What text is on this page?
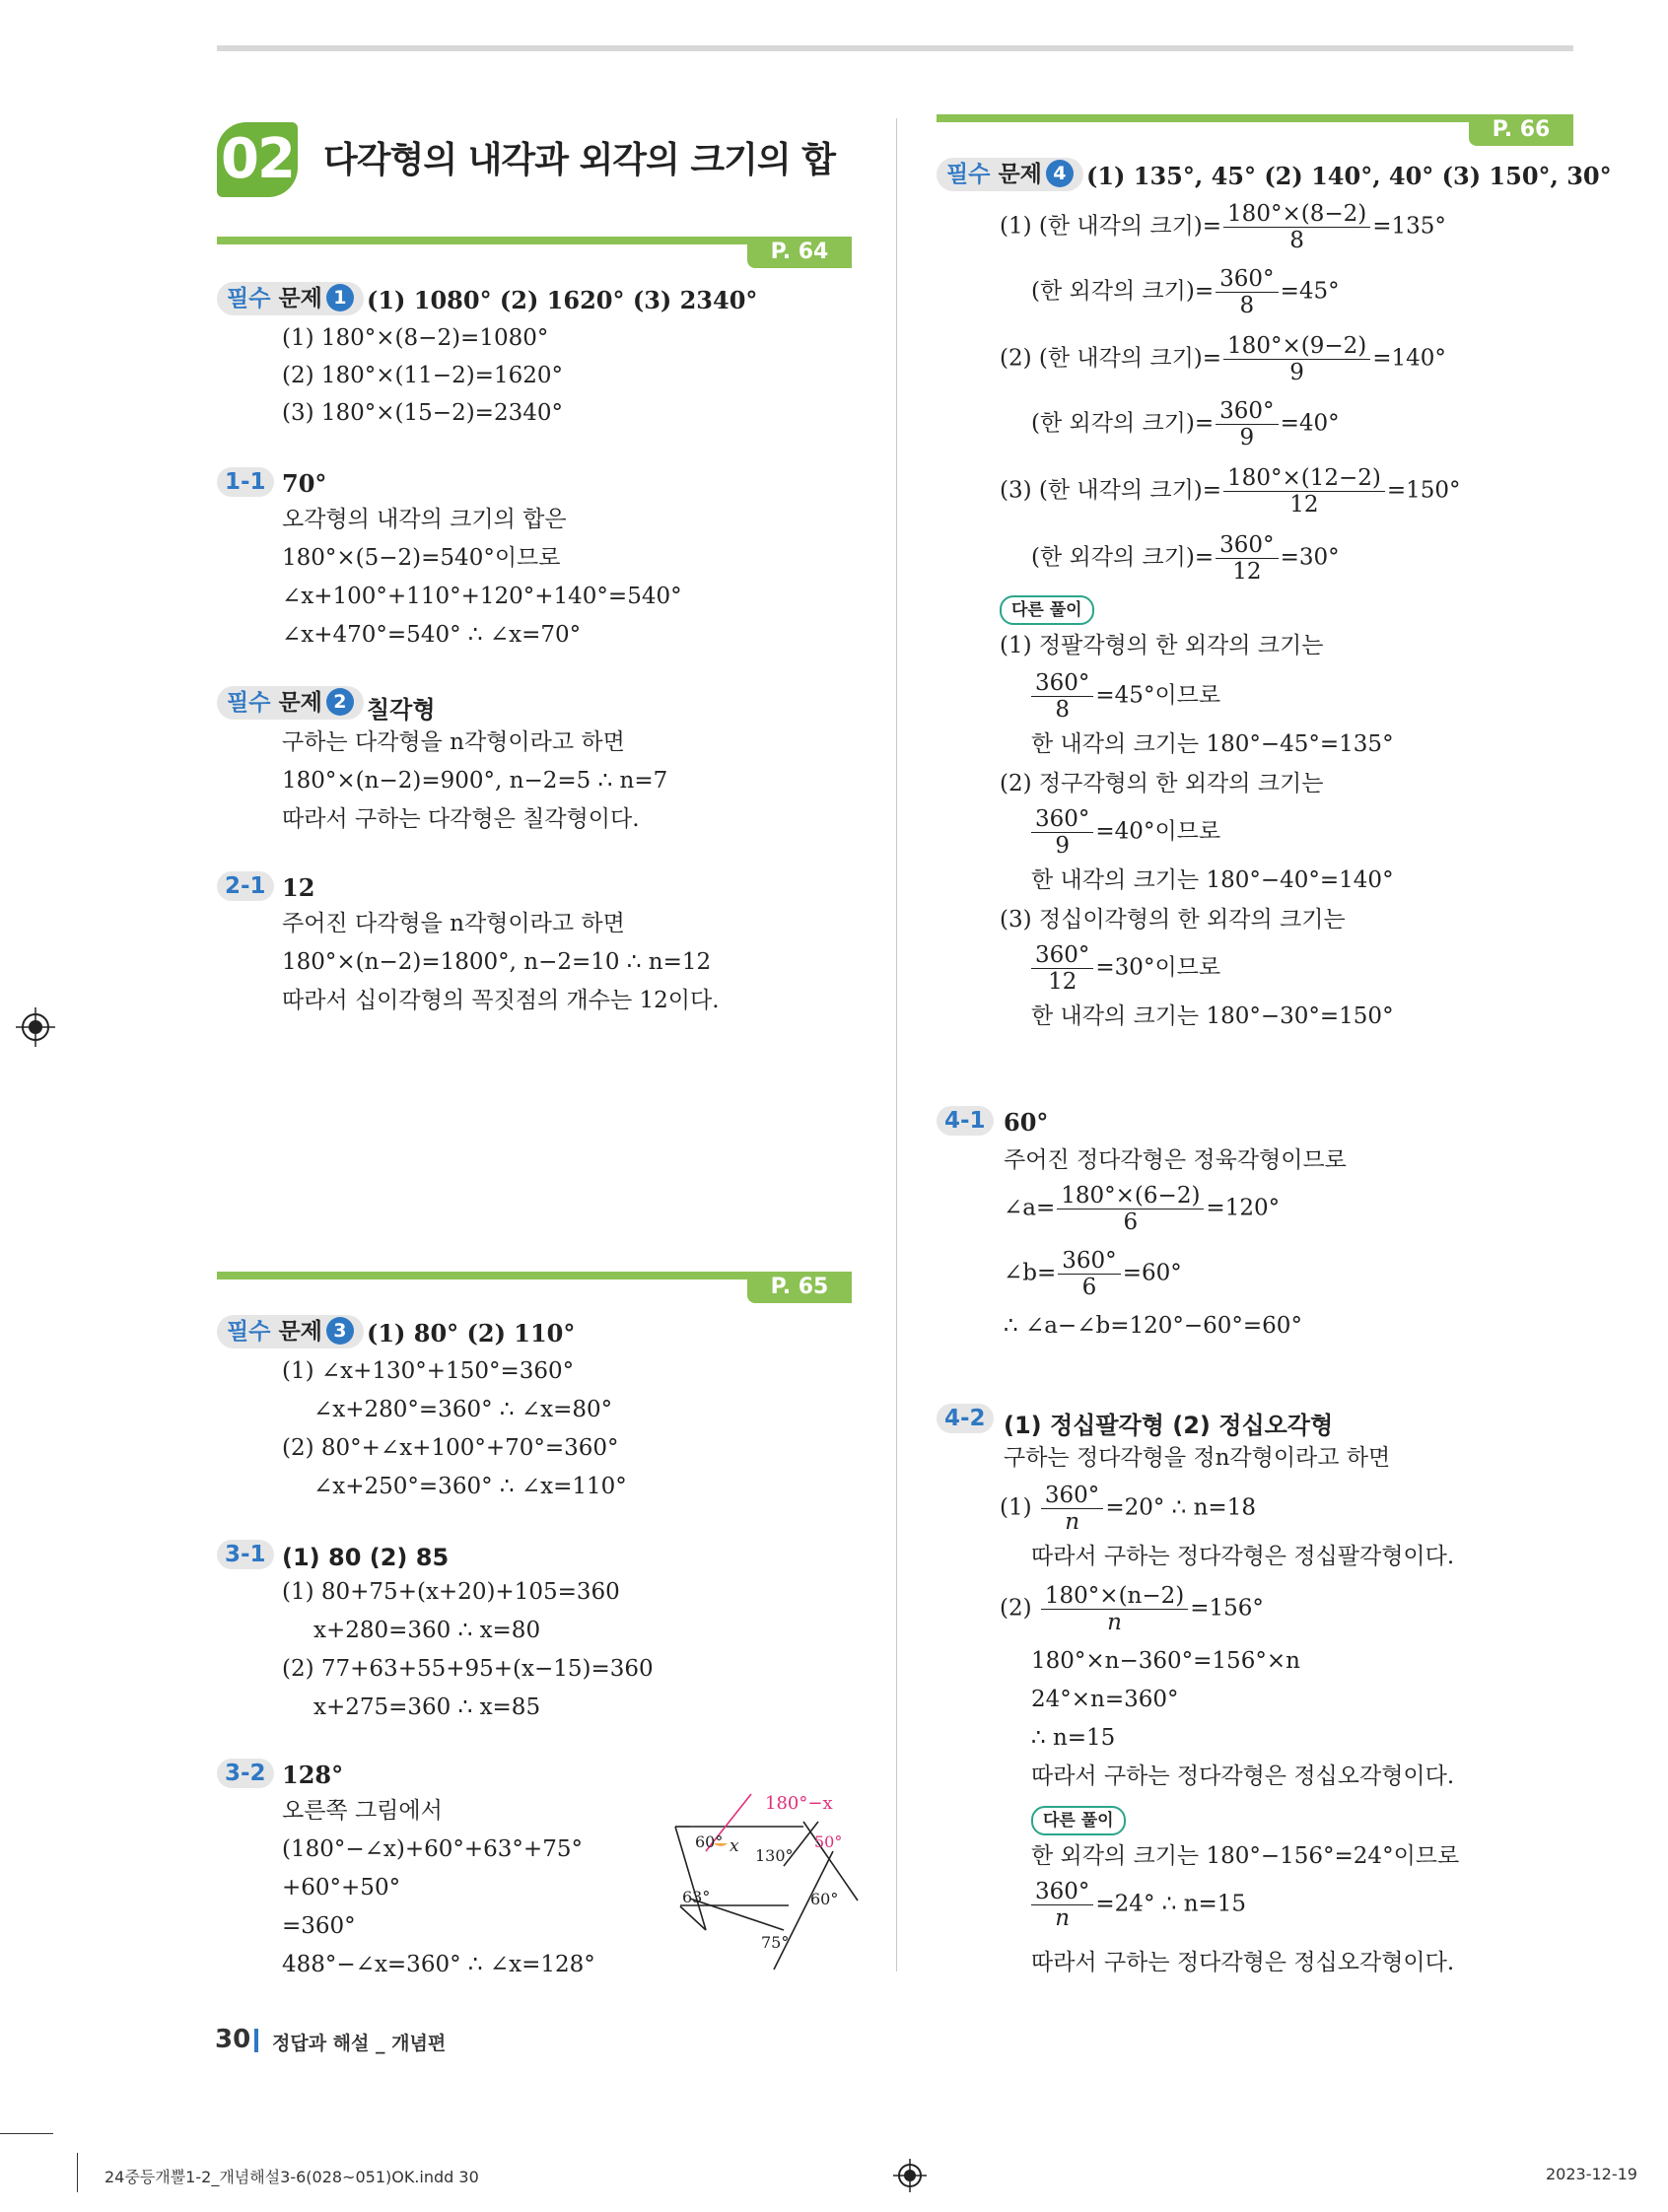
02 다각형의 내각과 외각의 크기의 합
P. 64
필수 문제 1 (1) 1080° (2) 1620° (3) 2340°
(1) 180°×(8−2)=1080°
(2) 180°×(11−2)=1620°
(3) 180°×(15−2)=2340°
1-1 70°
오각형의 내각의 크기의 합은
180°×(5−2)=540°이므로
∠x+100°+110°+120°+140°=540°
∠x+470°=540° ∴ ∠x=70°
필수 문제 2 칠각형
구하는 다각형을 n각형이라고 하면
180°×(n−2)=900°, n−2=5 ∴ n=7
따라서 구하는 다각형은 칠각형이다.
2-1 12
주어진 다각형을 n각형이라고 하면
180°×(n−2)=1800°, n−2=10 ∴ n=12
따라서 십이각형의 꼭짓점의 개수는 12이다.
P. 65
필수 문제 3 (1) 80° (2) 110°
(1) ∠x+130°+150°=360°
∠x+280°=360° ∴ ∠x=80°
(2) 80°+∠x+100°+70°=360°
∠x+250°=360° ∴ ∠x=110°
3-1 (1) 80 (2) 85
(1) 80+75+(x+20)+105=360
x+280=360 ∴ x=80
(2) 77+63+55+95+(x−15)=360
x+275=360 ∴ x=85
3-2 128°
오른쪽 그림에서
(180°−∠x)+60°+63°+75°
+60°+50°
=360°
488°−∠x=360° ∴ ∠x=128°
180°−x
60° x 130°
50°
63°	60°
75°
30 정답과 해설 _ 개념편
P. 66
필수 문제 4 (1) 135°, 45° (2) 140°, 40° (3) 150°, 30°
(1) (한 내각의 크기)= $\frac{180^\circ\times(8-2)}{8} =135^\circ$
(한 외각의 크기)= $\frac{360^\circ}{8} =45^\circ$
(2) (한 내각의 크기)= $\frac{180^\circ\times(9-2)}{9} =140^\circ$
(한 외각의 크기)= $\frac{360^\circ}{9} =40^\circ$
(3) (한 내각의 크기)= $\frac{180^\circ\times(12-2)}{12} =150^\circ$
(한 외각의 크기)= $\frac{360^\circ}{12} =30^\circ$
다른 풀이
(1) 정팔각형의 한 외각의 크기는
$\frac{360^\circ}{8} =45^\circ$이므로
한 내각의 크기는 180°−45°=135°
(2) 정구각형의 한 외각의 크기는
$\frac{360^\circ}{9} =40^\circ$이므로
한 내각의 크기는 180°−40°=140°
(3) 정십이각형의 한 외각의 크기는
$\frac{360^\circ}{12} =30^\circ$이므로
한 내각의 크기는 180°−30°=150°
4-1 60°
주어진 정다각형은 정육각형이므로
∠a= $\frac{180^\circ\times(6-2)}{6} =120^\circ$
∠b= $\frac{360^\circ}{6} =60^\circ$
∴ ∠a−∠b=120°−60°=60°
4-2 (1) 정십팔각형 (2) 정십오각형
구하는 정다각형을 정n각형이라고 하면
$(1) \frac{360^\circ}{n} =20^\circ$ ∴ n=18
따라서 구하는 정다각형은 정십팔각형이다.
$(2) \frac{180^\circ\times(n-2)}{n} =156^\circ$
180°×n−360°=156°×n
24°×n=360°
∴ n=15
따라서 구하는 정다각형은 정십오각형이다.
다른 풀이
한 외각의 크기는 180°−156°=24°이므로
$\frac{360^\circ}{n} =24^\circ$ ∴ n=15
따라서 구하는 정다각형은 정십오각형이다.
24중등개뿔1-2_개념해설3-6(028~051)OK.indd 30	2023-12-19
